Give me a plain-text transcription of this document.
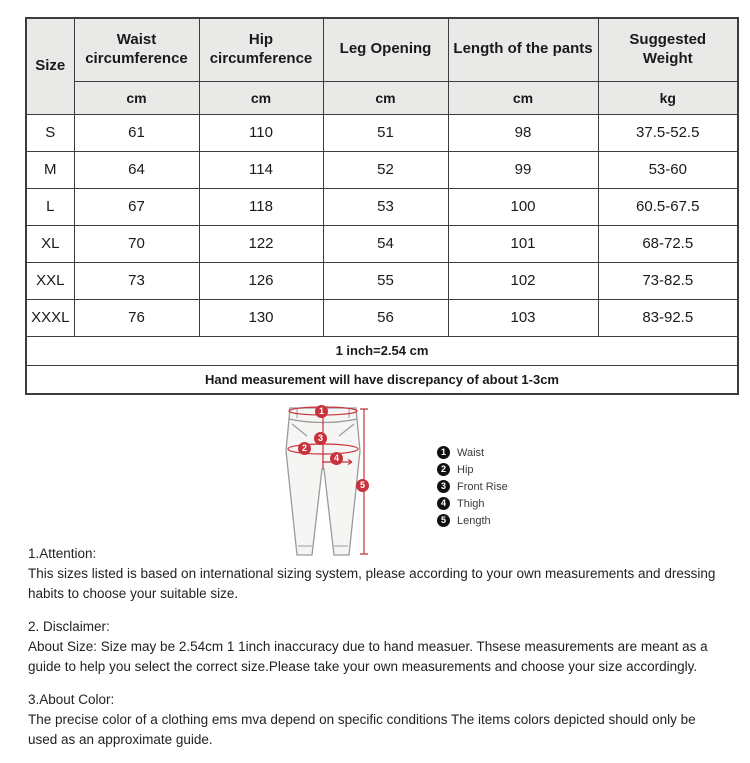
Size	Waist circumference	Hip circumference	Leg Opening	Length of the pants	Suggested Weight
	cm	cm	cm	cm	kg
S	61	110	51	98	37.5-52.5
M	64	114	52	99	53-60
L	67	118	53	100	60.5-67.5
XL	70	122	54	101	68-72.5
XXL	73	126	55	102	73-82.5
XXXL	76	130	56	103	83-92.5
1 inch=2.54 cm					
Hand measurement will have discrepancy of about 1-3cm					
1
2
3
4
5
1	Waist
2	Hip
3	Front Rise
4	Thigh
5	Length
1.Attention:
This sizes listed is based on international sizing system, please according to your own measurements and dressing habits to choose your suitable size.
2. Disclaimer:
About Size: Size may be 2.54cm 1 1inch inaccuracy due to hand measuer. Thsese measurements are meant as a guide to help you select the correct size.Please take your own measurements and choose your size accordingly.
3.About Color:
The precise color of a clothing ems mva depend on specific conditions The items colors depicted should only be used as an approximate guide.
